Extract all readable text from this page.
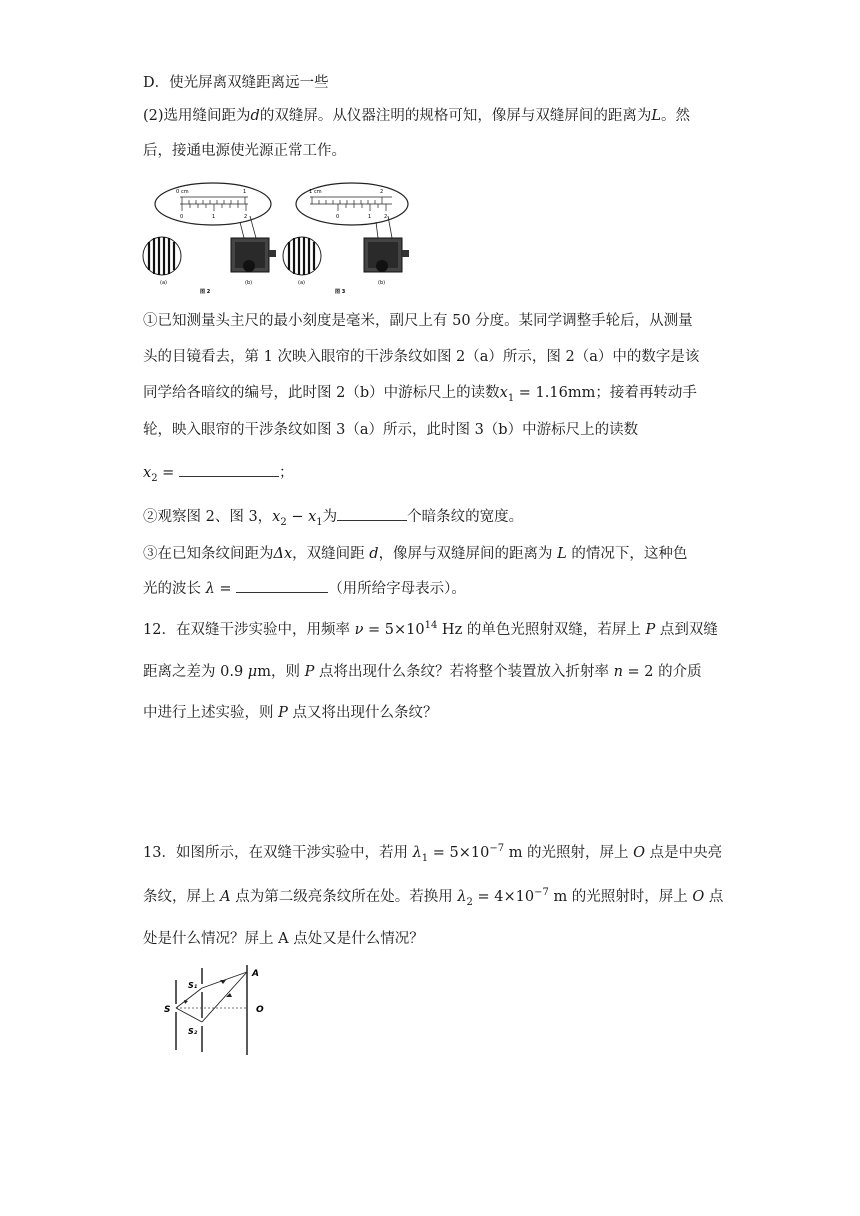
D．使光屏离双缝距离远一些
(2)选用缝间距为d的双缝屏。从仪器注明的规格可知，像屏与双缝屏间的距离为L。然
后，接通电源使光源正常工作。
0 cm	1
0	1	2
(a)	(b)
图 2
1 cm	2
0	1	2
(a)	(b)
图 3
①已知测量头主尺的最小刻度是毫米，副尺上有 50 分度。某同学调整手轮后，从测量
头的目镜看去，第 1 次映入眼帘的干涉条纹如图 2（a）所示，图 2（a）中的数字是该
同学给各暗纹的编号，此时图 2（b）中游标尺上的读数$x_1 = 1.16mm$；接着再转动手
轮，映入眼帘的干涉条纹如图 3（a）所示，此时图 3（b）中游标尺上的读数
$x_2$ =	；
②观察图 2、图 3，$x_2 - x_1$为	个暗条纹的宽度。
③在已知条纹间距为Δx，双缝间距 d，像屏与双缝屏间的距离为 L 的情况下，这种色
光的波长 λ =	（用所给字母表示）。
12．在双缝干涉实验中，用频率 $\nu = 5\times 10^{14}$ Hz 的单色光照射双缝，若屏上 P 点到双缝
距离之差为 0.9 μm，则 P 点将出现什么条纹？若将整个装置放入折射率 n = 2 的介质
中进行上述实验，则 P 点又将出现什么条纹？
13．如图所示，在双缝干涉实验中，若用 $\lambda_1 = 5\times 10^{-7}$ m 的光照射，屏上 O 点是中央亮
条纹，屏上 A 点为第二级亮条纹所在处。若换用 $\lambda_2 = 4\times 10^{-7}$ m 的光照射时，屏上 O 点
处是什么情况？屏上 A 点处又是什么情况？
S
S₁
S₂
A
O
